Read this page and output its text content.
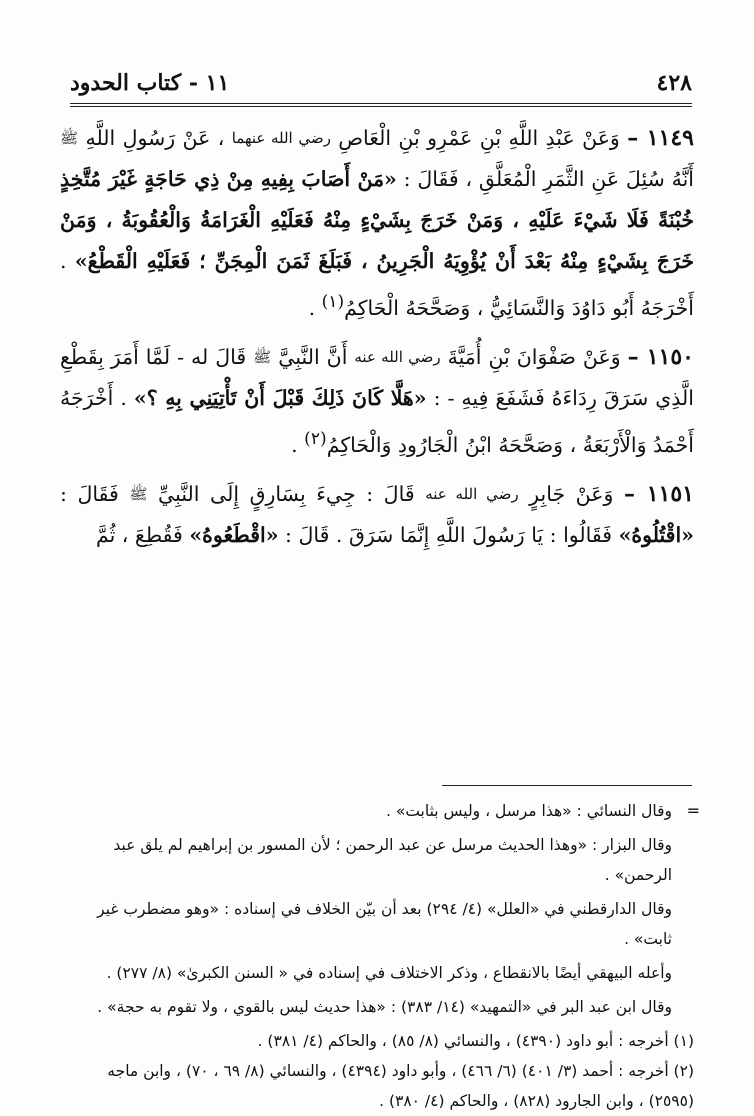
٤٢٨
١١ - كتاب الحدود

١١٤٩ – وَعَنْ عَبْدِ اللَّهِ بْنِ عَمْرِو بْنِ الْعَاصِ رضي الله عنهما ، عَنْ رَسُولِ اللَّهِ ﷺ أَنَّهُ سُئِلَ عَنِ الثَّمَرِ الْمُعَلَّقِ ، فَقَالَ : «مَنْ أَصَابَ بِفِيهِ مِنْ ذِي حَاجَةٍ غَيْرَ مُتَّخِذٍ خُبْنَةً فَلَا شَيْءَ عَلَيْهِ ، وَمَنْ خَرَجَ بِشَيْءٍ مِنْهُ فَعَلَيْهِ الْغَرَامَةُ وَالْعُقُوبَةُ ، وَمَنْ خَرَجَ بِشَيْءٍ مِنْهُ بَعْدَ أَنْ يُؤْوِيَهُ الْجَرِينُ ، فَبَلَغَ ثَمَنَ الْمِجَنِّ ؛ فَعَلَيْهِ الْقَطْعُ» . أَخْرَجَهُ أَبُو دَاوُدَ وَالنَّسَائِيُّ ، وَصَحَّحَهُ الْحَاكِمُ$^{(١)}$ .

١١٥٠ – وَعَنْ صَفْوَانَ بْنِ أُمَيَّةَ رضي الله عنه أَنَّ النَّبِيَّ ﷺ قَالَ له - لَمَّا أَمَرَ بِقَطْعِ الَّذِي سَرَقَ رِدَاءَهُ فَشَفَعَ فِيهِ - : «هَلَّا كَانَ ذَلِكَ قَبْلَ أَنْ تَأْتِيَنِي بِهِ ؟» . أَخْرَجَهُ أَحْمَدُ وَالْأَرْبَعَةُ ، وَصَحَّحَهُ ابْنُ الْجَارُودِ وَالْحَاكِمُ$^{(٢)}$ .

١١٥١ – وَعَنْ جَابِرٍ رضي الله عنه قَالَ : جِيءَ بِسَارِقٍ إِلَى النَّبِيِّ ﷺ فَقَالَ : «اقْتُلُوهُ» فَقَالُوا : يَا رَسُولَ اللَّهِ إِنَّمَا سَرَقَ . قَالَ : «اقْطَعُوهُ» فَقُطِعَ ، ثُمَّ

=

وقال النسائي : «هذا مرسل ، وليس بثابت» .

وقال البزار : «وهذا الحديث مرسل عن عبد الرحمن ؛ لأن المسور بن إبراهيم لم يلق عبد الرحمن» .

وقال الدارقطني في «العلل» (٤/ ٢٩٤) بعد أن بيّن الخلاف في إسناده : «وهو مضطرب غير ثابت» .

وأعله البيهقي أيضًا بالانقطاع ، وذكر الاختلاف في إسناده في « السنن الكبرىٰ» (٨/ ٢٧٧) .

وقال ابن عبد البر في «التمهيد» (١٤/ ٣٨٣) : «هذا حديث ليس بالقوي ، ولا تقوم به حجة» .

(١) أخرجه : أبو داود (٤٣٩٠) ، والنسائي (٨/ ٨٥) ، والحاكم (٤/ ٣٨١) .

(٢) أخرجه : أحمد (٣/ ٤٠١) (٦/ ٤٦٦) ، وأبو داود (٤٣٩٤) ، والنسائي (٨/ ٦٩ ، ٧٠) ، وابن ماجه (٢٥٩٥) ، وابن الجارود (٨٢٨) ، والحاكم (٤/ ٣٨٠) .
